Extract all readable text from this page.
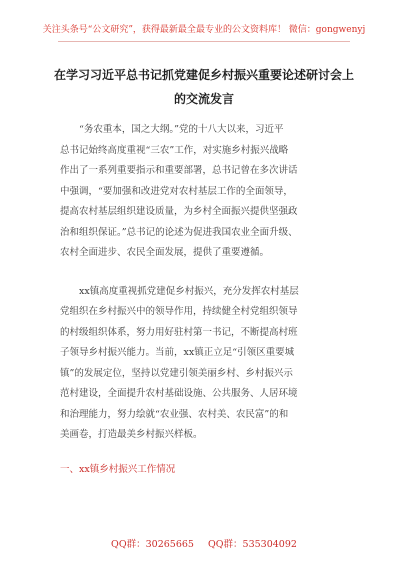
关注头条号“公文研究”，获得最新最全最专业的公文资料库！ 微信：gongwenyj
在学习习近平总书记抓党建促乡村振兴重要论述研讨会上
的交流发言

“务农重本，国之大纲。”党的十八大以来，习近平
总书记始终高度重视“三农”工作，对实施乡村振兴战略
作出了一系列重要指示和重要部署，总书记曾在多次讲话
中强调，“要加强和改进党对农村基层工作的全面领导，
提高农村基层组织建设质量，为乡村全面振兴提供坚强政
治和组织保证。”总书记的论述为促进我国农业全面升级、
农村全面进步、农民全面发展，提供了重要遵循。

xx镇高度重视抓党建促乡村振兴，充分发挥农村基层
党组织在乡村振兴中的领导作用，持续健全村党组织领导
的村级组织体系，努力用好驻村第一书记，不断提高村班
子领导乡村振兴能力。当前，xx镇正立足“引领区重要城
镇”的发展定位，坚持以党建引领美丽乡村、乡村振兴示
范村建设，全面提升农村基础设施、公共服务、人居环境
和治理能力，努力绘就“农业强、农村美、农民富”的和
美画卷，打造最美乡村振兴样板。

一、xx镇乡村振兴工作情况
QQ群：30265665 QQ群：535304092
